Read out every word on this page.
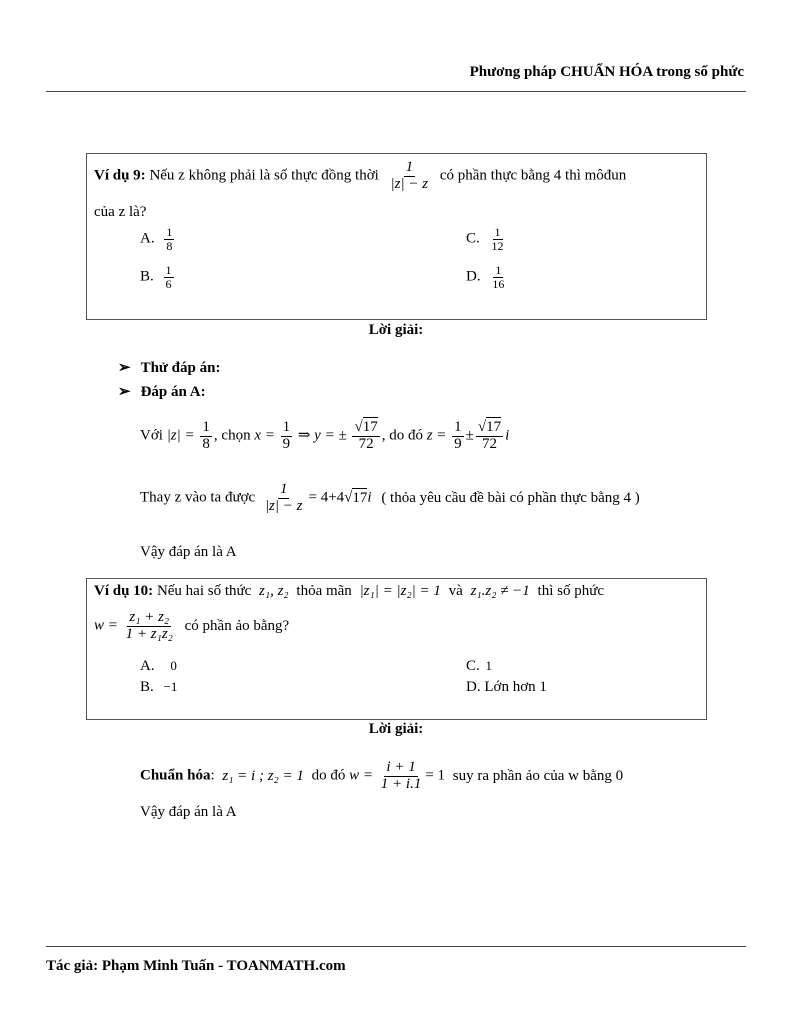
Phương pháp CHUẨN HÓA trong số phức
Ví dụ 9: Nếu z không phải là số thực đồng thời $\frac{1}{|z| - z}$ có phần thực bằng 4 thì môđun
của z là?
A. $\frac{1}{8}$
B. $\frac{1}{6}$
C. $\frac{1}{12}$
D. $\frac{1}{16}$
Lời giải:
➢ Thử đáp án:
➢ Đáp án A:
Với $|z| = \frac{1}{8}$ , chọn $x = \frac{1}{9}$ ⇒ y = ± $\frac{√17}{72}$ , do đó $z = \frac{1}{9} \pm \frac{√17}{72}$ i
Thay z vào ta được $\frac{1}{|z| - z} = 4+4√17i$ ( thỏa yêu cầu đề bài có phần thực bằng 4 )
Vậy đáp án là A
Ví dụ 10: Nếu hai số thức z₁, z₂ thỏa mãn |z₁| = |z₂| = 1 và z₁.z₂ ≠ −1 thì số phức
$w = \frac{\text{z₁ + z₂}}{\text{1 + z₁z₂}}$ có phần ảo bằng?
A. 0
B. −1
C. 1
D. Lớn hơn 1
Lời giải:
Chuẩn hóa: z₁ = i ; z₂ = 1 do đó $w = \frac{i + 1}{1 + i.1} = 1$ suy ra phần ảo của w bằng 0
Vậy đáp án là A
Tác giả: Phạm Minh Tuấn - TOANMATH.com
